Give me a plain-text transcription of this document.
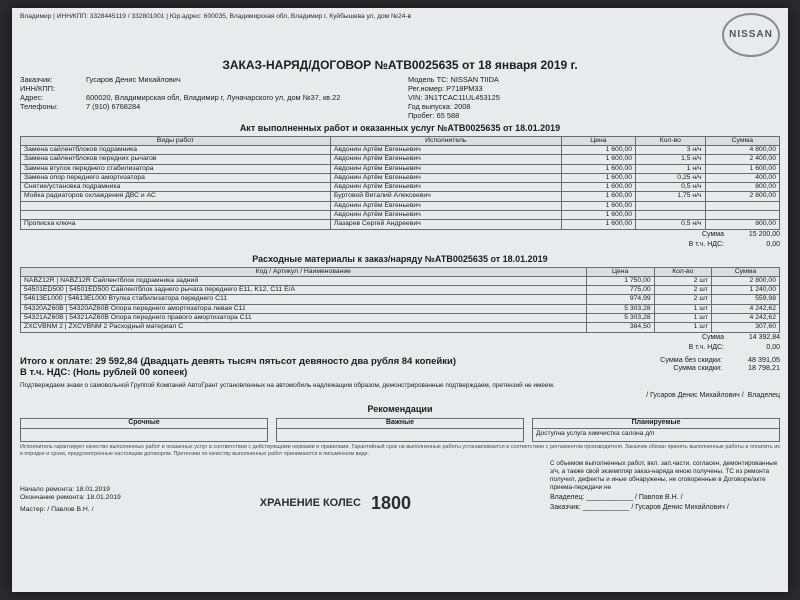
Владимир | ИНН/КПП: 3328445119 / 332801001 | Юр.адрес: 600035, Владимирская обл, Владимир г, Куйбышева ул, дом №24-в
NISSAN
ЗАКАЗ-НАРЯД/ДОГОВОР №АТВ0025635 от 18 января 2019 г.
Заказчик:	Гусаров Денис Михайлович
ИНН/КПП:
Адрес:	600020, Владимирская обл, Владимир г, Луначарского ул, дом №37, кв.22
Телефоны:	7 (910) 6768284
Модель ТС: NISSAN TIIDA
Рег.номер: Р718РМ33
VIN: 3N1TCAC11UL453125
Год выпуска: 2008
Пробег: 65 588
Акт выполненных работ и оказанных услуг №АТВ0025635 от 18.01.2019
Виды работ	Исполнитель	Цена	Кол-во	Сумма
Замена сайлентблоков подрамника	Авдонин Артём Евгеньевич	1 600,00	3 н/ч	4 800,00
Замена сайлентблоков передних рычагов	Авдонин Артём Евгеньевич	1 600,00	1,5 н/ч	2 400,00
Замена втулок переднего стабилизатора	Авдонин Артём Евгеньевич	1 600,00	1 н/ч	1 600,00
Замена опор переднего амортизатора	Авдонин Артём Евгеньевич	1 600,00	0,25 н/ч	400,00
Снятие/установка подрамника	Авдонин Артём Евгеньевич	1 600,00	0,5 н/ч	800,00
Мойка радиаторов охлаждения ДВС и АС	Буртовой Виталий Алексеевич	1 600,00	1,75 н/ч	2 800,00
	Авдонин Артём Евгеньевич	1 600,00		
	Авдонин Артём Евгеньевич	1 600,00		
Прописка ключа	Лазарев Сергей Андреевич	1 600,00	0,5 н/ч	800,00
Сумма	15 200,00
В т.ч. НДС:	0,00
Расходные материалы к заказ/наряду №АТВ0025635 от 18.01.2019
Код / Артикул / Наименование	Цена	Кол-во	Сумма
NABZ12R | NABZ12R Сайлентблок подрамника задний	1 750,00	2 шт	2 800,00
54501ED500 | 54501ED500 Сайлентблок заднего рычага переднего E11, K12, C11 E/A	775,00	2 шт	1 240,00
54613EL000 | 54613EL000 Втулка стабилизатора переднего C11	974,99	2 шт	559,98
54320AZ60B | 54320AZ60B Опора переднего амортизатора левая C11	5 303,28	1 шт	4 242,62
54321AZ60B | 54321AZ60B Опора переднего правого амортизатора C11	5 303,28	1 шт	4 242,62
ZXCVBNM 2 | ZXCVBNM 2 Расходный материал С	384,50	1 шт	307,60
Сумма	14 392,84
В т.ч. НДС:	0,00
Итого к оплате: 29 592,84 (Двадцать девять тысяч пятьсот девяносто два рубля 84 копейки)
В т.ч. НДС: (Ноль рублей 00 копеек)
Сумма без скидки:	48 391,05
Сумма скидки:	18 798,21
Подтверждаем знаки о самовольной Группой Компаний АвтоГрант установленных на автомобиль надлежащим образом, демонстрированные подтверждаем, претензий не имеем.
/ Гусаров Денис Михайлович /
Владелец
Рекомендации
Срочные	Важные	Планируемые
Доступна услуга химчистка салона д/п
Исполнитель гарантирует качество выполненных работ и оказанных услуг в соответствии с действующими нормами и правилами. Гарантийный срок на выполненные работы устанавливается в соответствии с регламентом производителя. Заказчик обязан принять выполненные работы и оплатить их в порядке и сроки, предусмотренные настоящим договором. Претензии по качеству выполненных работ принимаются в письменном виде.
Начало ремонта: 18.01.2019
Окончание ремонта: 18.01.2019
Мастер: / Павлов В.Н. /
ХРАНЕНИЕ КОЛЕС 1800
С объемом выполненных работ, вкл. зап.части, согласен, демонтированные з/ч, а также свой экземпляр заказ-наряда мною получены. ТС из ремонта получил, дефекты и иные обнаружены, не оговоренные в Договоре/акте приема-передачи не
Владелец: ____________ / Павлов В.Н. /
Заказчик: ____________ / Гусаров Денис Михайлович /
